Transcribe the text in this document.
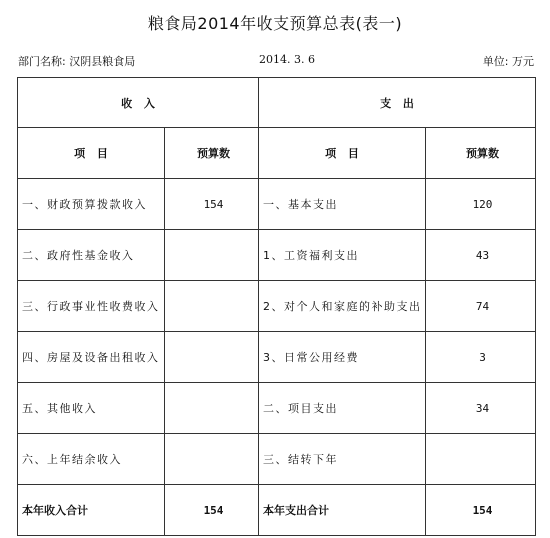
粮食局2014年收支预算总表(表一)
部门名称: 汉阴县粮食局	2014. 3. 6	单位: 万元
收 入		支 出	
项 目	预算数	项 目	预算数
一、财政预算拨款收入	154	一、基本支出	120
二、政府性基金收入		1、工资福利支出	43
三、行政事业性收费收入		2、对个人和家庭的补助支出	74
四、房屋及设备出租收入		3、日常公用经费	3
五、其他收入		二、项目支出	34
六、上年结余收入		三、结转下年	
本年收入合计	154	本年支出合计	154
